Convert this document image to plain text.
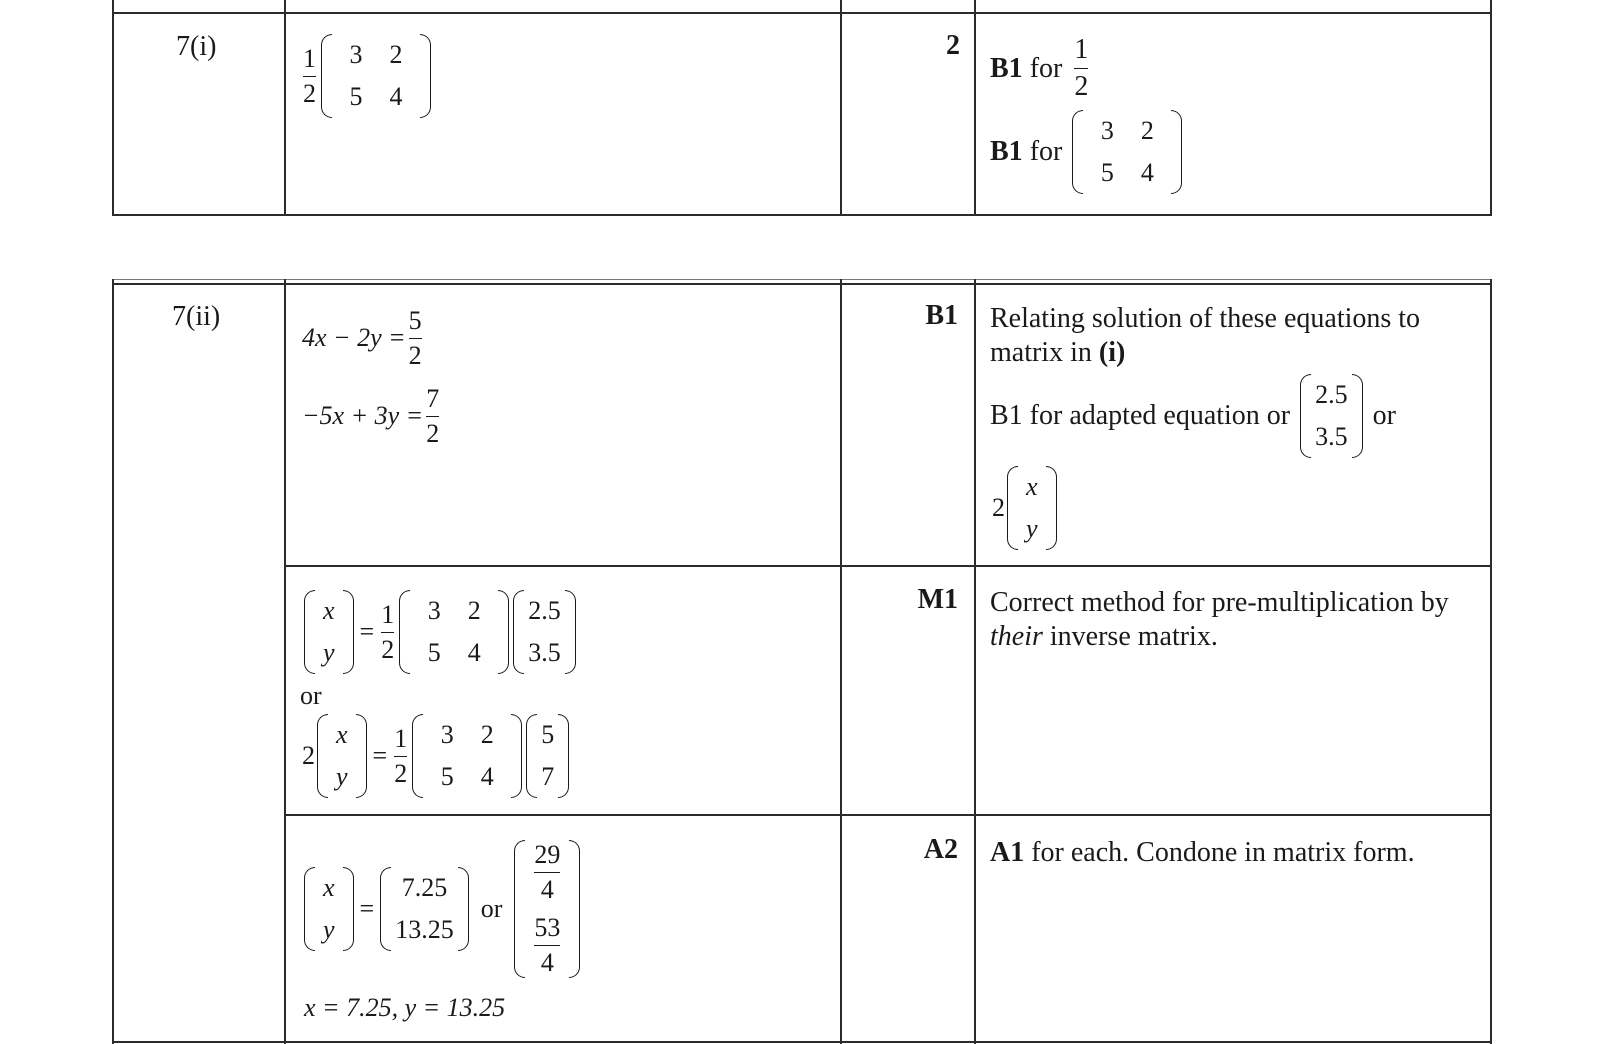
7(i)	$\frac{1}{2} 3$ 2
5 4
2
B1
for $\frac{1}{2}$
B1
for
3 2
5 4
7(ii)
$4x - 2y = \frac{5}{2}$
$-5x + 3y = \frac{7}{2}$
B1 Relating solution of these equations to
matrix in (i)
B1 for adapted equation or
2.5
3.5
or
2
x
y
x
y
= $\frac{1}{2} 3$ 2
5 4
2.5
3.5
or
2
x
y
= $\frac{1}{2} 3$ 2
5 4
5
7
M1 Correct method for pre-multiplication by
their inverse matrix.
x
y
=
7.25
13.25
or
$\frac{29}{4}$
$\frac{53}{4}$
x = 7.25, y = 13.25
A2 A1 for each. Condone in matrix form.
